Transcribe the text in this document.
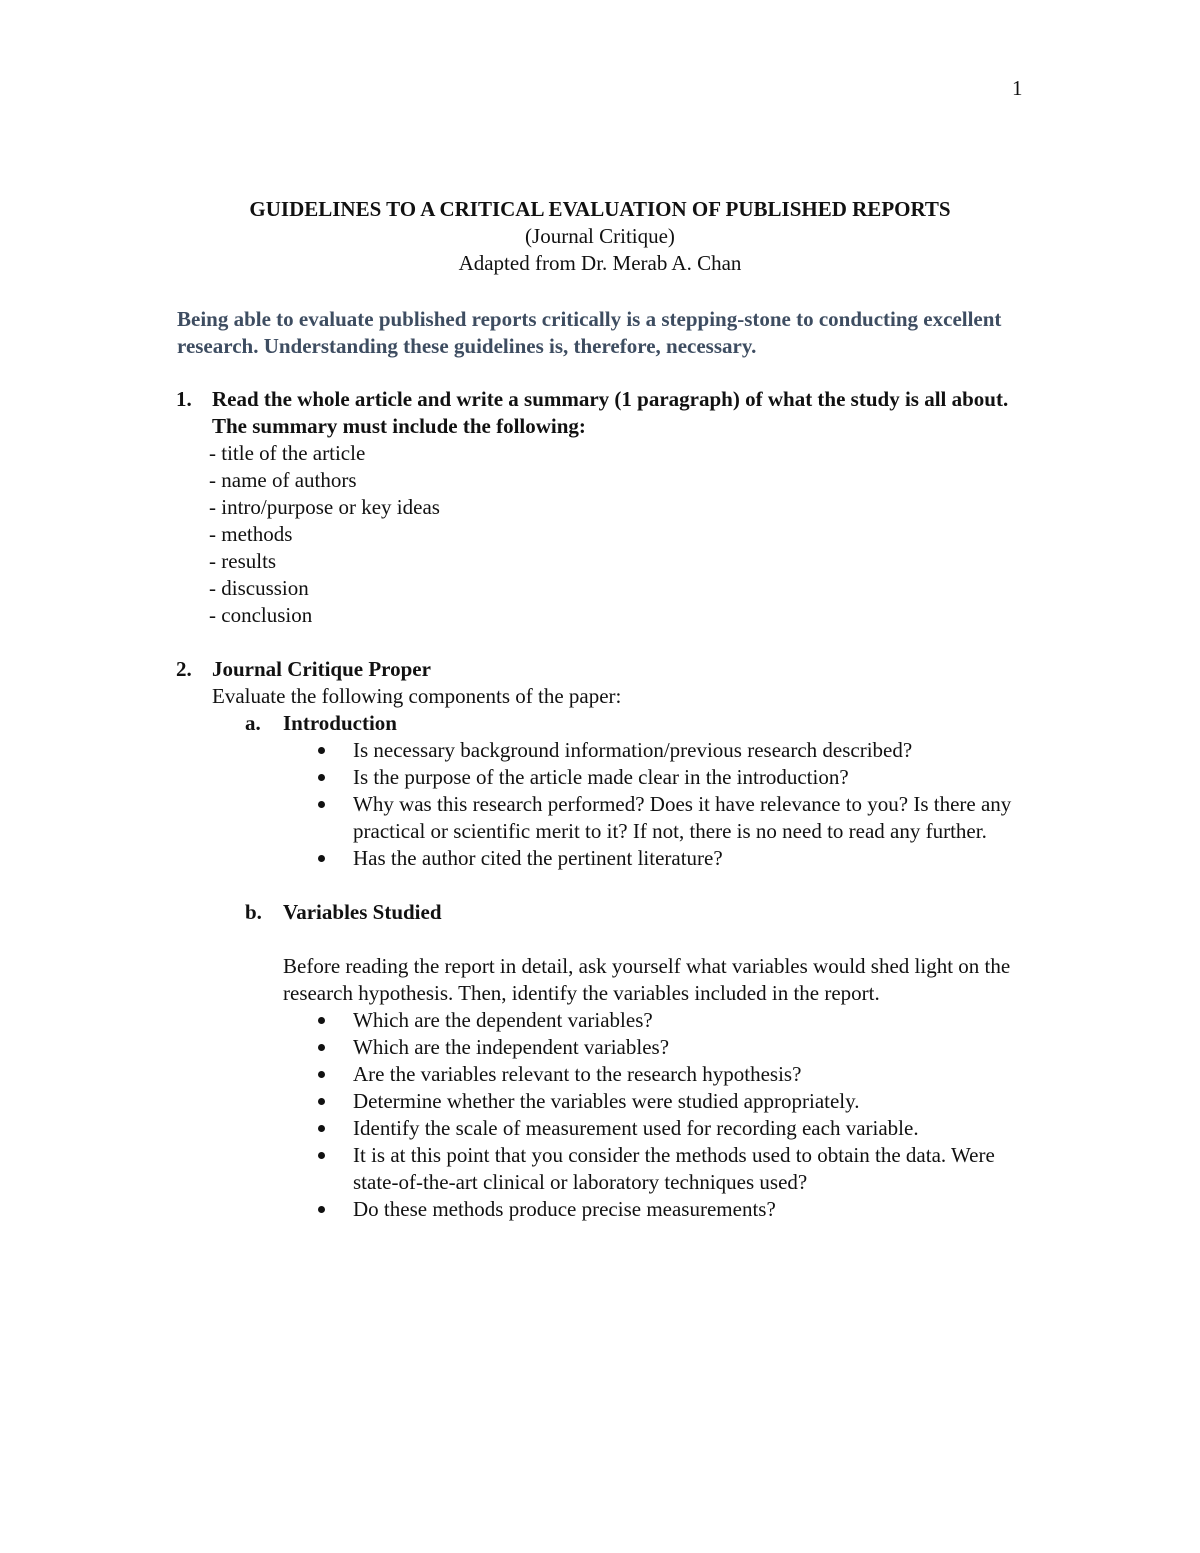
1
GUIDELINES TO A CRITICAL EVALUATION OF PUBLISHED REPORTS
(Journal Critique)
Adapted from Dr. Merab A. Chan
Being able to evaluate published reports critically is a stepping-stone to conducting excellent research. Understanding these guidelines is, therefore, necessary.
1. Read the whole article and write a summary (1 paragraph) of what the study is all about. The summary must include the following:
- title of the article
- name of authors
- intro/purpose or key ideas
- methods
- results
- discussion
- conclusion
2. Journal Critique Proper
Evaluate the following components of the paper:
a. Introduction
Is necessary background information/previous research described?
Is the purpose of the article made clear in the introduction?
Why was this research performed? Does it have relevance to you? Is there any practical or scientific merit to it? If not, there is no need to read any further.
Has the author cited the pertinent literature?
b. Variables Studied
Before reading the report in detail, ask yourself what variables would shed light on the research hypothesis. Then, identify the variables included in the report.
Which are the dependent variables?
Which are the independent variables?
Are the variables relevant to the research hypothesis?
Determine whether the variables were studied appropriately.
Identify the scale of measurement used for recording each variable.
It is at this point that you consider the methods used to obtain the data. Were state-of-the-art clinical or laboratory techniques used?
Do these methods produce precise measurements?
